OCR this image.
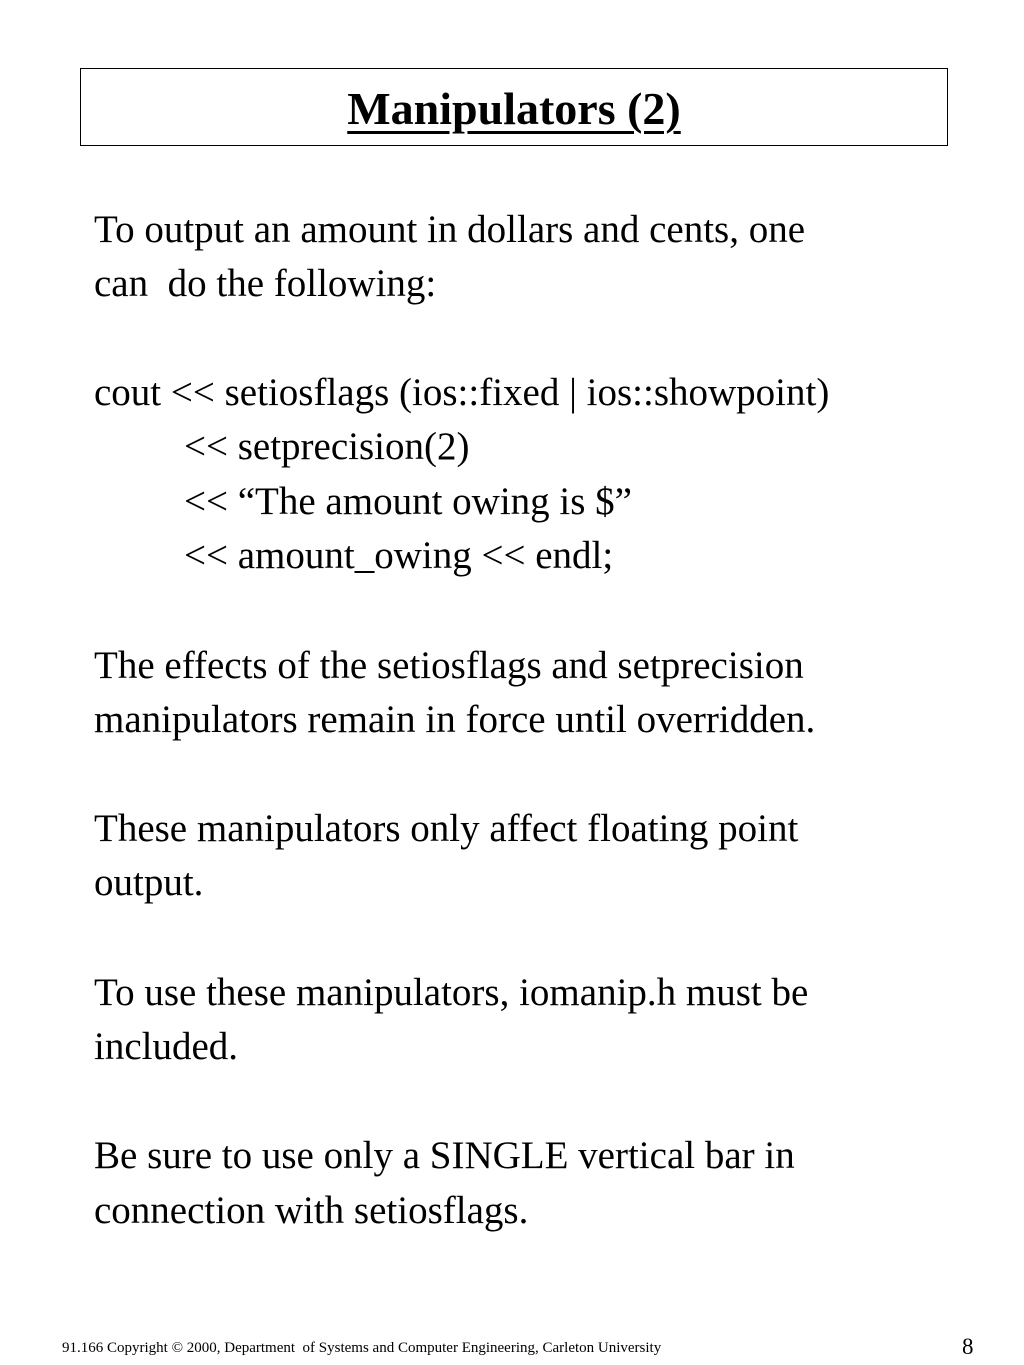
Manipulators (2)

To output an amount in dollars and cents, one

can  do the following:

cout << setiosflags (ios::fixed | ios::showpoint)

<< setprecision(2)

<< “The amount owing is $”

<< amount_owing << endl;

The effects of the setiosflags and setprecision

manipulators remain in force until overridden.

These manipulators only affect floating point

output.

To use these manipulators, iomanip.h must be

included.

Be sure to use only a SINGLE vertical bar in

connection with setiosflags.

91.166 Copyright © 2000, Department  of Systems and Computer Engineering, Carleton University	8
